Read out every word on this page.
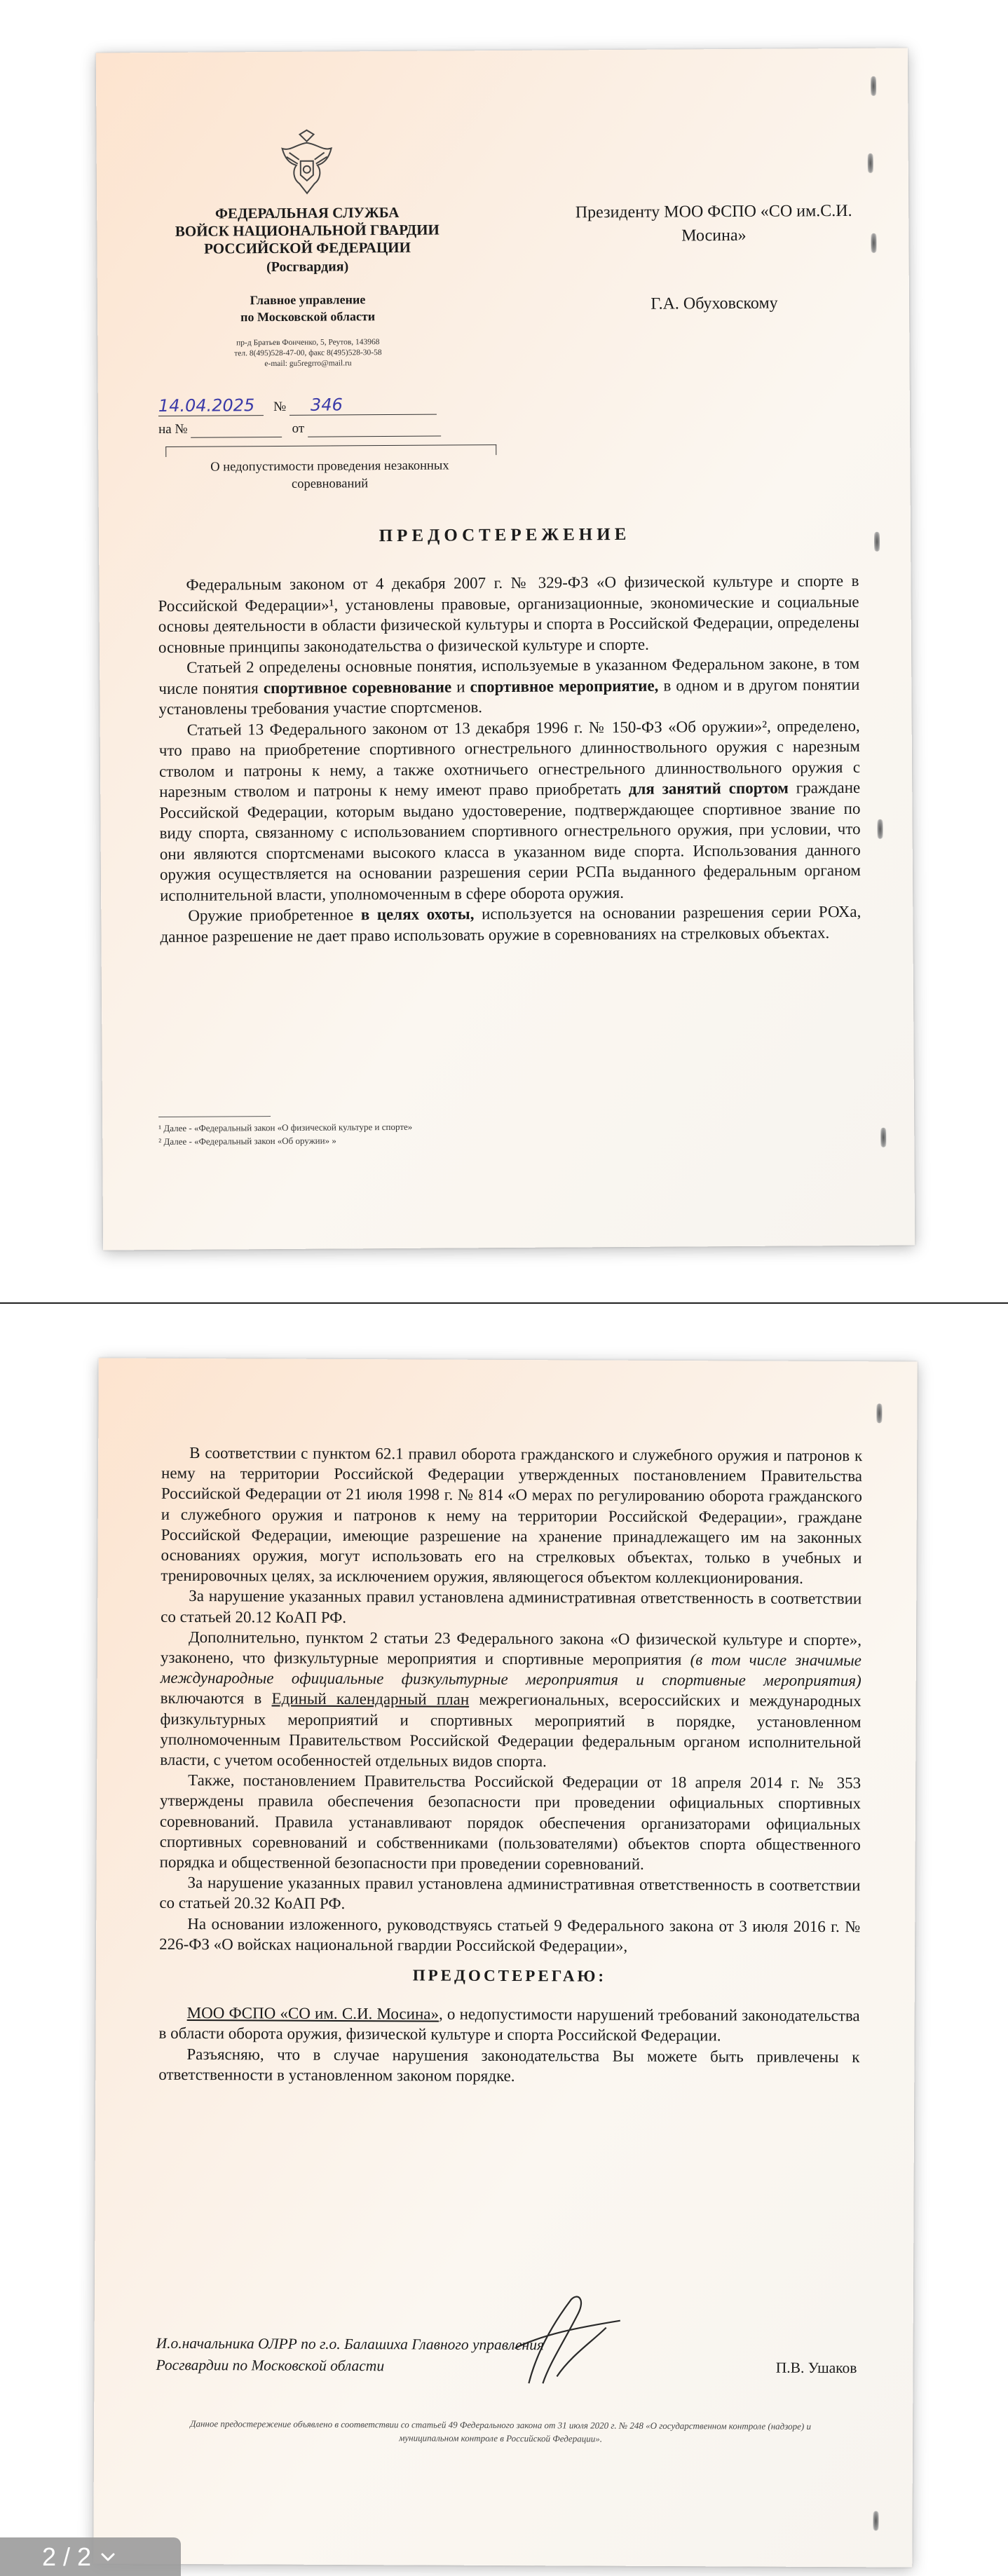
ФЕДЕРАЛЬНАЯ СЛУЖБА
ВОЙСК НАЦИОНАЛЬНОЙ ГВАРДИИ
РОССИЙСКОЙ ФЕДЕРАЦИИ
(Росгвардия)
Главное управление
по Московской области
пр-д Братьев Фонченко, 5, Реутов, 143968
тел. 8(495)528-47-00, факс 8(495)528-30-58
e-mail: gu5regrro@mail.ru
14.04.2025 № 346
на №	от
О недопустимости проведения незаконных соревнований
Президенту МОО ФСПО «СО им.С.И. Мосина»
Г.А. Обуховскому
ПРЕДОСТЕРЕЖЕНИЕ

Федеральным законом от 4 декабря 2007 г. № 329-ФЗ «О физической культуре и спорте в Российской Федерации»¹, установлены правовые, организационные, экономические и социальные основы деятельности в области физической культуры и спорта в Российской Федерации, определены основные принципы законодательства о физической культуре и спорте.

Статьей 2 определены основные понятия, используемые в указанном Федеральном законе, в том числе понятия спортивное соревнование и спортивное мероприятие, в одном и в другом понятии установлены требования участие спортсменов.

Статьей 13 Федерального законом от 13 декабря 1996 г. № 150-ФЗ «Об оружии»², определено, что право на приобретение спортивного огнестрельного длинноствольного оружия с нарезным стволом и патроны к нему, а также охотничьего огнестрельного длинноствольного оружия с нарезным стволом и патроны к нему имеют право приобретать для занятий спортом граждане Российской Федерации, которым выдано удостоверение, подтверждающее спортивное звание по виду спорта, связанному с использованием спортивного огнестрельного оружия, при условии, что они являются спортсменами высокого класса в указанном виде спорта. Использования данного оружия осуществляется на основании разрешения серии РСПа выданного федеральным органом исполнительной власти, уполномоченным в сфере оборота оружия.

Оружие приобретенное в целях охоты, используется на основании разрешения серии РОХа, данное разрешение не дает право использовать оружие в соревнованиях на стрелковых объектах.

¹ Далее - «Федеральный закон «О физической культуре и спорте»
² Далее - «Федеральный закон «Об оружии» »

В соответствии с пунктом 62.1 правил оборота гражданского и служебного оружия и патронов к нему на территории Российской Федерации утвержденных постановлением Правительства Российской Федерации от 21 июля 1998 г. № 814 «О мерах по регулированию оборота гражданского и служебного оружия и патронов к нему на территории Российской Федерации», граждане Российской Федерации, имеющие разрешение на хранение принадлежащего им на законных основаниях оружия, могут использовать его на стрелковых объектах, только в учебных и тренировочных целях, за исключением оружия, являющегося объектом коллекционирования.

За нарушение указанных правил установлена административная ответственность в соответствии со статьей 20.12 КоАП РФ.

Дополнительно, пунктом 2 статьи 23 Федерального закона «О физической культуре и спорте», узаконено, что физкультурные мероприятия и спортивные мероприятия (в том числе значимые международные официальные физкультурные мероприятия и спортивные мероприятия) включаются в Единый календарный план межрегиональных, всероссийских и международных физкультурных мероприятий и спортивных мероприятий в порядке, установленном уполномоченным Правительством Российской Федерации федеральным органом исполнительной власти, с учетом особенностей отдельных видов спорта.

Также, постановлением Правительства Российской Федерации от 18 апреля 2014 г. № 353 утверждены правила обеспечения безопасности при проведении официальных спортивных соревнований. Правила устанавливают порядок обеспечения организаторами официальных спортивных соревнований и собственниками (пользователями) объектов спорта общественного порядка и общественной безопасности при проведении соревнований.

За нарушение указанных правил установлена административная ответственность в соответствии со статьей 20.32 КоАП РФ.

На основании изложенного, руководствуясь статьей 9 Федерального закона от 3 июля 2016 г. № 226-ФЗ «О войсках национальной гвардии Российской Федерации»,

ПРЕДОСТЕРЕГАЮ:

МОО ФСПО «СО им. С.И. Мосина», о недопустимости нарушений требований законодательства в области оборота оружия, физической культуре и спорта Российской Федерации.

Разъясняю, что в случае нарушения законодательства Вы можете быть привлечены к ответственности в установленном законом порядке.

И.о.начальника ОЛРР по г.о. Балашиха Главного управления
Росгвардии по Московской области	П.В. Ушаков
Данное предостережение объявлено в соответствии со статьей 49 Федерального закона от 31 июля 2020 г. № 248 «О государственном контроле (надзоре) и муниципальном контроле в Российской Федерации».
2 / 2
